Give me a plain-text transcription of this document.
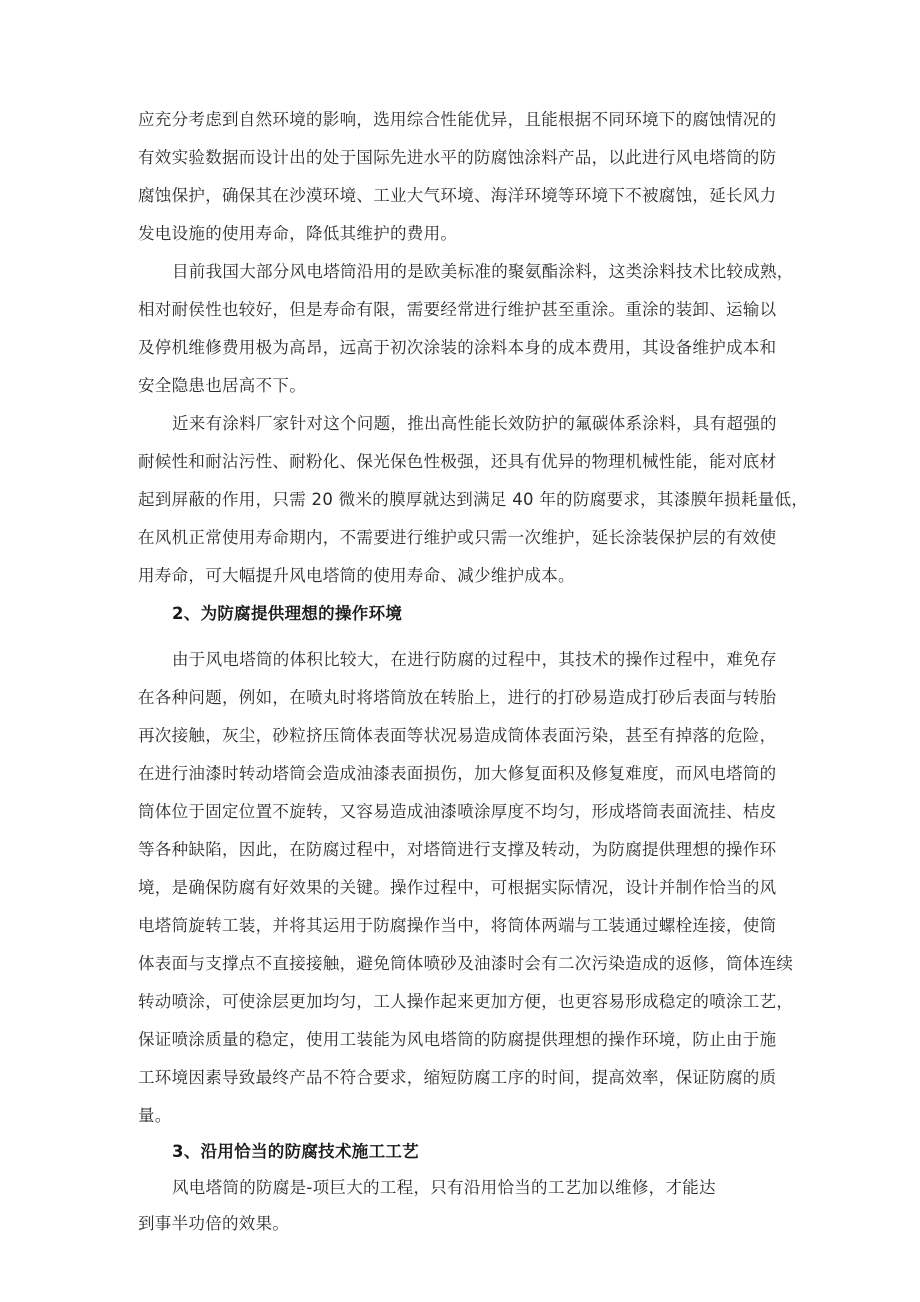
应充分考虑到自然环境的影响，选用综合性能优异，且能根据不同环境下的腐蚀情况的
有效实验数据而设计出的处于国际先进水平的防腐蚀涂料产品，以此进行风电塔筒的防
腐蚀保护，确保其在沙漠环境、工业大气环境、海洋环境等环境下不被腐蚀，延长风力
发电设施的使用寿命，降低其维护的费用。
目前我国大部分风电塔筒沿用的是欧美标准的聚氨酯涂料，这类涂料技术比较成熟，
相对耐侯性也较好，但是寿命有限，需要经常进行维护甚至重涂。重涂的装卸、运输以
及停机维修费用极为高昂，远高于初次涂装的涂料本身的成本费用，其设备维护成本和
安全隐患也居高不下。
近来有涂料厂家针对这个问题，推出高性能长效防护的氟碳体系涂料，具有超强的
耐候性和耐沾污性、耐粉化、保光保色性极强，还具有优异的物理机械性能，能对底材
起到屏蔽的作用，只需 20 微米的膜厚就达到满足 40 年的防腐要求，其漆膜年损耗量低，
在风机正常使用寿命期内，不需要进行维护或只需一次维护，延长涂装保护层的有效使
用寿命，可大幅提升风电塔筒的使用寿命、减少维护成本。
2、为防腐提供理想的操作环境
由于风电塔筒的体积比较大，在进行防腐的过程中，其技术的操作过程中，难免存
在各种问题，例如，在喷丸时将塔筒放在转胎上，进行的打砂易造成打砂后表面与转胎
再次接触，灰尘，砂粒挤压筒体表面等状况易造成筒体表面污染，甚至有掉落的危险，
在进行油漆时转动塔筒会造成油漆表面损伤，加大修复面积及修复难度，而风电塔筒的
筒体位于固定位置不旋转，又容易造成油漆喷涂厚度不均匀，形成塔筒表面流挂、桔皮
等各种缺陷，因此，在防腐过程中，对塔筒进行支撑及转动，为防腐提供理想的操作环
境，是确保防腐有好效果的关键。操作过程中，可根据实际情况，设计并制作恰当的风
电塔筒旋转工装，并将其运用于防腐操作当中，将筒体两端与工装通过螺栓连接，使筒
体表面与支撑点不直接接触，避免筒体喷砂及油漆时会有二次污染造成的返修，筒体连续
转动喷涂，可使涂层更加均匀，工人操作起来更加方便，也更容易形成稳定的喷涂工艺，
保证喷涂质量的稳定，使用工装能为风电塔筒的防腐提供理想的操作环境，防止由于施
工环境因素导致最终产品不符合要求，缩短防腐工序的时间，提高效率，保证防腐的质
量。
3、沿用恰当的防腐技术施工工艺
风电塔筒的防腐是-项巨大的工程，只有沿用恰当的工艺加以维修，才能达
到事半功倍的效果。
